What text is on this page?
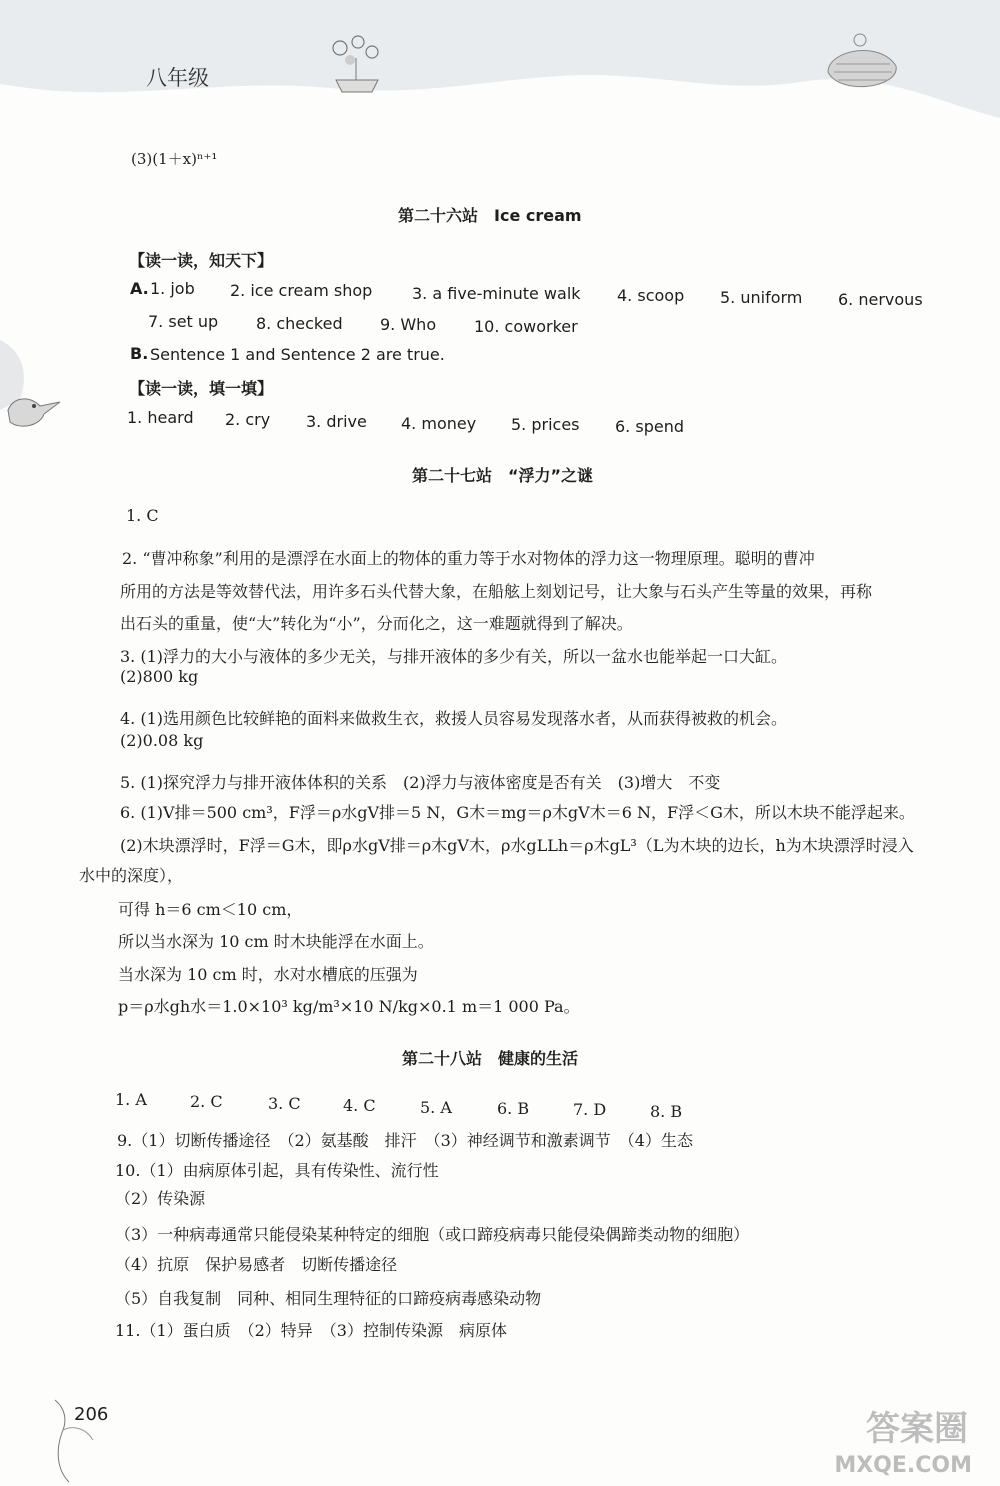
八年级
(3)(1＋x)ⁿ⁺¹
第二十六站　Ice cream
【读一读，知天下】
A. 1. job 2. ice cream shop 3. a five-minute walk 4. scoop 5. uniform 6. nervous
7. set up 8. checked 9. Who 10. coworker
B. Sentence 1 and Sentence 2 are true.
【读一读，填一填】
1. heard 2. cry 3. drive 4. money 5. prices 6. spend
第二十七站　“浮力”之谜
1. C
2. “曹冲称象”利用的是漂浮在水面上的物体的重力等于水对物体的浮力这一物理原理。聪明的曹冲
所用的方法是等效替代法，用许多石头代替大象，在船舷上刻划记号，让大象与石头产生等量的效果，再称
出石头的重量，使“大”转化为“小”，分而化之，这一难题就得到了解决。
3. (1)浮力的大小与液体的多少无关，与排开液体的多少有关，所以一盆水也能举起一口大缸。
(2)800 kg
4. (1)选用颜色比较鲜艳的面料来做救生衣，救援人员容易发现落水者，从而获得被救的机会。
(2)0.08 kg
5. (1)探究浮力与排开液体体积的关系　(2)浮力与液体密度是否有关　(3)增大　不变
6. (1)V排＝500 cm³，F浮＝ρ水gV排＝5 N，G木＝mg＝ρ木gV木＝6 N，F浮＜G木，所以木块不能浮起来。
(2)木块漂浮时，F浮＝G木，即ρ水gV排＝ρ木gV木，ρ水gLLh＝ρ木gL³（L为木块的边长，h为木块漂浮时浸入
水中的深度），
可得 h＝6 cm＜10 cm，
所以当水深为 10 cm 时木块能浮在水面上。
当水深为 10 cm 时，水对水槽底的压强为
p＝ρ水gh水＝1.0×10³ kg/m³×10 N/kg×0.1 m＝1 000 Pa。
第二十八站　健康的生活
1. A	2. C	3. C	4. C	5. A	6. B	7. D	8. B
9.（1）切断传播途径　（2）氨基酸　排汗　（3）神经调节和激素调节　（4）生态
10.（1）由病原体引起，具有传染性、流行性
（2）传染源
（3）一种病毒通常只能侵染某种特定的细胞（或口蹄疫病毒只能侵染偶蹄类动物的细胞）
（4）抗原　保护易感者　切断传播途径
（5）自我复制　同种、相同生理特征的口蹄疫病毒感染动物
11.（1）蛋白质　（2）特异　（3）控制传染源　病原体
206	答案圈
MXQE.COM
